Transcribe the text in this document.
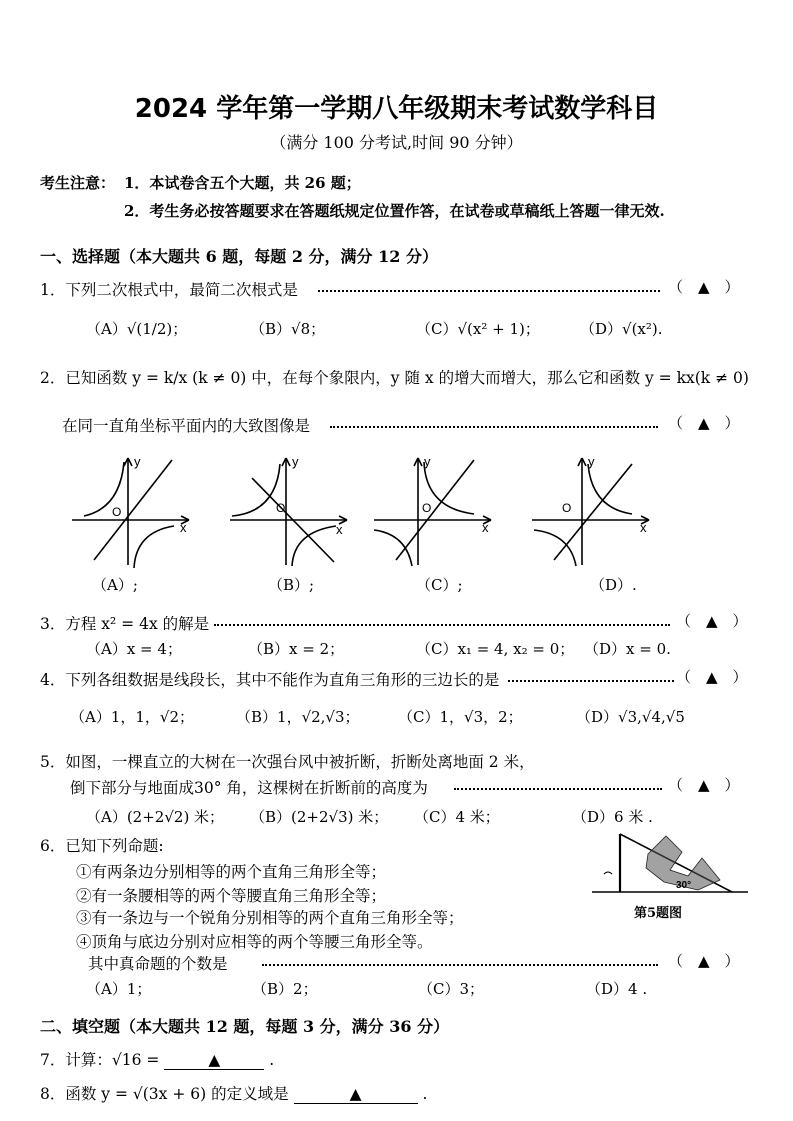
2024 学年第一学期八年级期末考试数学科目
（满分 100 分考试,时间 90 分钟）
考生注意： 1．本试卷含五个大题，共 26 题；
2．考生务必按答题要求在答题纸规定位置作答，在试卷或草稿纸上答题一律无效.
一、选择题（本大题共 6 题，每题 2 分，满分 12 分）
1．下列二次根式中，最简二次根式是	（　▲　）
（A）√(1/2)；	（B）√8；	（C）√(x² + 1)；	（D）√(x²).
2．已知函数 y = k/x (k ≠ 0) 中，在每个象限内，y 随 x 的增大而增大，那么它和函数 y = kx(k ≠ 0)
在同一直角坐标平面内的大致图像是	（　▲　）
y
x
O
（A）;
y
x
O
（B）;
y
x
O
（C）;
y
x
O
（D）.
3．方程 x² = 4x 的解是	（　▲　）
（A）x = 4；	（B）x = 2；	（C）x₁ = 4, x₂ = 0； （D）x = 0.
4．下列各组数据是线段长，其中不能作为直角三角形的三边长的是	（　▲　）
（A）1，1，√2；	（B）1，√2,√3；	（C）1，√3，2；	（D）√3,√4,√5
5．如图，一棵直立的大树在一次强台风中被折断，折断处离地面 2 米，
倒下部分与地面成30° 角，这棵树在折断前的高度为	（　▲　）
（A）(2+2√2) 米； （B）(2+2√3) 米； （C）4 米；	（D）6 米 .
30°
第5题图
6．已知下列命题:
①有两条边分别相等的两个直角三角形全等；
②有一条腰相等的两个等腰直角三角形全等；
③有一条边与一个锐角分别相等的两个直角三角形全等；
④顶角与底边分别对应相等的两个等腰三角形全等。
其中真命题的个数是	（　▲　）
（A）1；	（B）2；	（C）3；	（D）4 .
二、填空题（本大题共 12 题，每题 3 分，满分 36 分）
7．计算：√16 =	▲	.
8．函数 y = √(3x + 6) 的定义域是	▲	.
